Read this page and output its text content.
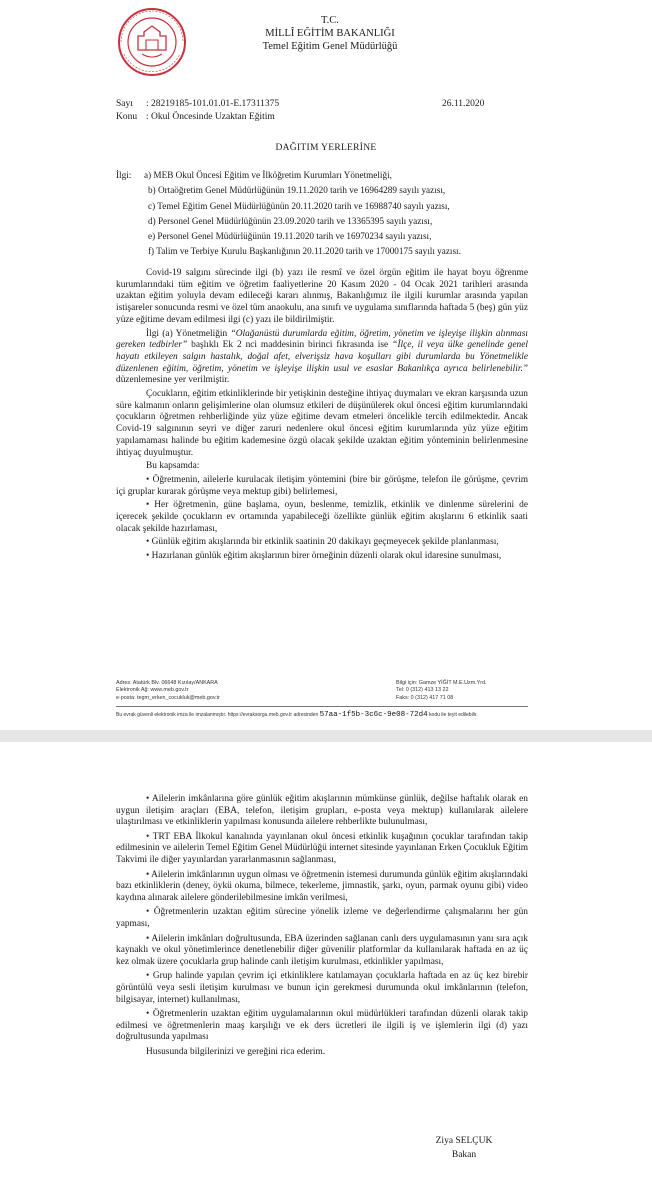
T.C.
MİLLÎ EĞİTİM BAKANLIĞI
Temel Eğitim Genel Müdürlüğü
Sayı : 28219185-101.01.01-E.17311375	26.11.2020
Konu : Okul Öncesinde Uzaktan Eğitim
DAĞITIM YERLERİNE
İlgi:	a) MEB Okul Öncesi Eğitim ve İlköğretim Kurumları Yönetmeliği,
b) Ortaöğretim Genel Müdürlüğünün 19.11.2020 tarih ve 16964289 sayılı yazısı,
c) Temel Eğitim Genel Müdürlüğünün 20.11.2020 tarih ve 16988740 sayılı yazısı,
d) Personel Genel Müdürlüğünün 23.09.2020 tarih ve 13365395 sayılı yazısı,
e) Personel Genel Müdürlüğünün 19.11.2020 tarih ve 16970234 sayılı yazısı,
f) Talim ve Terbiye Kurulu Başkanlığının 20.11.2020 tarih ve 17000175 sayılı yazısı.

Covid-19 salgını sürecinde ilgi (b) yazı ile resmî ve özel örgün eğitim ile hayat boyu öğrenme kurumlarındaki tüm eğitim ve öğretim faaliyetlerine 20 Kasım 2020 - 04 Ocak 2021 tarihleri arasında uzaktan eğitim yoluyla devam edileceği kararı alınmış, Bakanlığımız ile ilgili kurumlar arasında yapılan istişareler sonucunda resmi ve özel tüm anaokulu, ana sınıfı ve uygulama sınıflarında haftada 5 (beş) gün yüz yüze eğitime devam edilmesi ilgi (c) yazı ile bildirilmiştir.

İlgi (a) Yönetmeliğin “Olağanüstü durumlarda eğitim, öğretim, yönetim ve işleyişe ilişkin alınması gereken tedbirler” başlıklı Ek 2 nci maddesinin birinci fıkrasında ise “İlçe, il veya ülke genelinde genel hayatı etkileyen salgın hastalık, doğal afet, elverişsiz hava koşulları gibi durumlarda bu Yönetmelikle düzenlenen eğitim, öğretim, yönetim ve işleyişe ilişkin usul ve esaslar Bakanlıkça ayrıca belirlenebilir.” düzenlemesine yer verilmiştir.

Çocukların, eğitim etkinliklerinde bir yetişkinin desteğine ihtiyaç duymaları ve ekran karşısında uzun süre kalmanın onların gelişimlerine olan olumsuz etkileri de düşünülerek okul öncesi eğitim kurumlarındaki çocukların öğretmen rehberliğinde yüz yüze eğitime devam etmeleri öncelikle tercih edilmektedir. Ancak Covid-19 salgınının seyri ve diğer zaruri nedenlere okul öncesi eğitim kurumlarında yüz yüze eğitim yapılamaması halinde bu eğitim kademesine özgü olacak şekilde uzaktan eğitim yönteminin belirlenmesine ihtiyaç duyulmuştur.

Bu kapsamda:

• Öğretmenin, ailelerle kurulacak iletişim yöntemini (bire bir görüşme, telefon ile görüşme, çevrim içi gruplar kurarak görüşme veya mektup gibi) belirlemesi,

• Her öğretmenin, güne başlama, oyun, beslenme, temizlik, etkinlik ve dinlenme sürelerini de içerecek şekilde çocukların ev ortamında yapabileceği özellikte günlük eğitim akışlarını 6 etkinlik saati olacak şekilde hazırlaması,

• Günlük eğitim akışlarında bir etkinlik saatinin 20 dakikayı geçmeyecek şekilde planlanması,

• Hazırlanan günlük eğitim akışlarının birer örneğinin düzenli olarak okul idaresine sunulması,

Adres: Atatürk Blv. 06648 Kızılay/ANKARA
Elektronik Ağ: www.meb.gov.tr
e-posta: tegm_erken_cocukluk@meb.gov.tr
Bilgi için: Gamze YİĞİT M.E.Uzm.Yrd.
Tel: 0 (312) 413 13 22
Faks: 0 (312) 417 71 08
Bu evrak güvenli elektronik imza ile imzalanmıştır. https://evraksorgu.meb.gov.tr adresinden 57aa-1f5b-3c6c-9e08-72d4 kodu ile teyit edilebilir.

• Ailelerin imkânlarına göre günlük eğitim akışlarının mümkünse günlük, değilse haftalık olarak en uygun iletişim araçları (EBA, telefon, iletişim grupları, e-posta veya mektup) kullanılarak ailelere ulaştırılması ve etkinliklerin yapılması konusunda ailelere rehberlikte bulunulması,

• TRT EBA İlkokul kanalında yayınlanan okul öncesi etkinlik kuşağının çocuklar tarafından takip edilmesinin ve ailelerin Temel Eğitim Genel Müdürlüğü internet sitesinde yayınlanan Erken Çocukluk Eğitim Takvimi ile diğer yayınlardan yararlanmasının sağlanması,

• Ailelerin imkânlarının uygun olması ve öğretmenin istemesi durumunda günlük eğitim akışlarındaki bazı etkinliklerin (deney, öykü okuma, bilmece, tekerleme, jimnastik, şarkı, oyun, parmak oyunu gibi) video kaydına alınarak ailelere gönderilebilmesine imkân verilmesi,

• Öğretmenlerin uzaktan eğitim sürecine yönelik izleme ve değerlendirme çalışmalarını her gün yapması,

• Ailelerin imkânları doğrultusunda, EBA üzerinden sağlanan canlı ders uygulamasının yanı sıra açık kaynaklı ve okul yönetimlerince denetlenebilir diğer güvenilir platformlar da kullanılarak haftada en az üç kez olmak üzere çocuklarla grup halinde canlı iletişim kurulması, etkinlikler yapılması,

• Grup halinde yapılan çevrim içi etkinliklere katılamayan çocuklarla haftada en az üç kez birebir görüntülü veya sesli iletişim kurulması ve bunun için gerekmesi durumunda okul imkânlarının (telefon, bilgisayar, internet) kullanılması,

• Öğretmenlerin uzaktan eğitim uygulamalarının okul müdürlükleri tarafından düzenli olarak takip edilmesi ve öğretmenlerin maaş karşılığı ve ek ders ücretleri ile ilgili iş ve işlemlerin ilgi (d) yazı doğrultusunda yapılması

Hususunda bilgilerinizi ve gereğini rica ederim.

Ziya SELÇUK
Bakan
